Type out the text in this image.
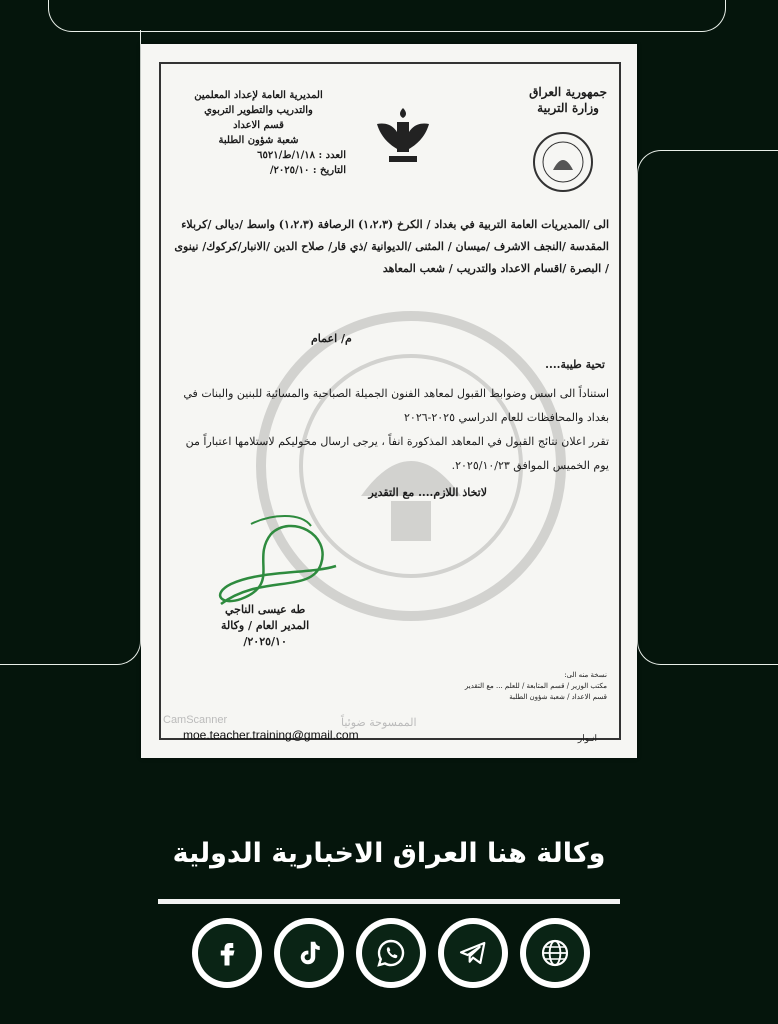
جمهورية العراق
وزارة التربية
المديرية العامة لإعداد المعلمين
والتدريب والتطوير التربوي
قسم الاعداد
شعبة شؤون الطلبة
العدد : ١/١٨/ط/٦٥٢١
التاريخ : ٢٠٢٥/١٠/
الى /المديريات العامة التربية في بغداد / الكرخ (١،٢،٣) الرصافة (١،٢،٣) واسط /ديالى /كربلاء المقدسة /النجف الاشرف /ميسان / المثنى /الديوانية /ذي قار/ صلاح الدين /الانبار/كركوك/ نينوى / البصرة /اقسام الاعداد والتدريب / شعب المعاهد
م/ اعمام
تحية طيبة....
استناداً الى اسس وضوابط القبول لمعاهد الفنون الجميلة الصباحية والمسائية للبنين والبنات في بغداد والمحافظات للعام الدراسي ٢٠٢٥-٢٠٢٦
تقرر اعلان نتائج القبول في المعاهد المذكورة انفاً ، يرجى ارسال مخوليكم لاستلامها اعتباراً من يوم الخميس الموافق ٢٠٢٥/١٠/٢٣.
لاتخاذ اللازم.... مع التقدير
طه عيسى الناجي
المدير العام / وكالة
٢٠٢٥/١٠/
نسخة منه الى:
مكتب الوزير / قسم المتابعة / للعلم ... مع التقدير
قسم الاعداد / شعبة شؤون الطلبة
CamScanner	الممسوحة ضوئياً
انـوار
moe.teacher.training@gmail.com
وكالة هنا العراق الاخبارية الدولية
